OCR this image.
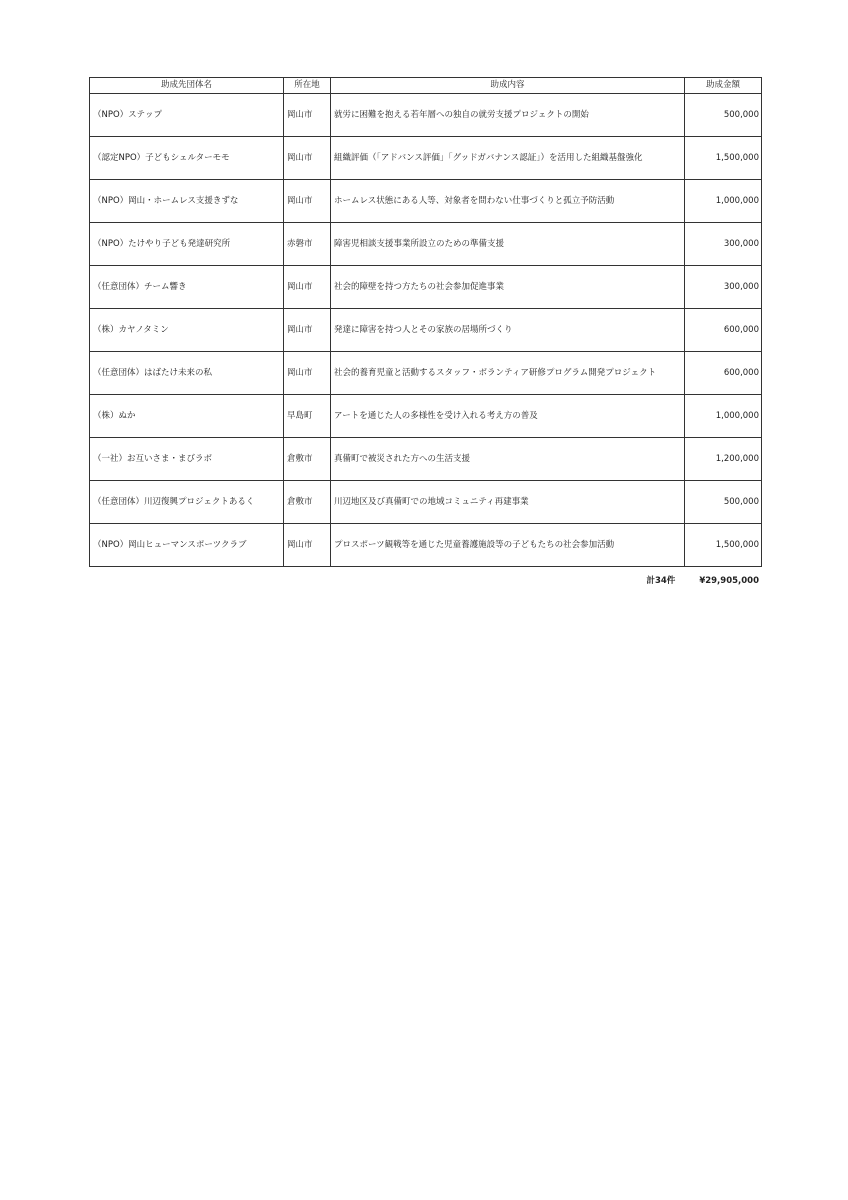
助成先団体名	所在地	助成内容	助成金額
（NPO）ステップ	岡山市	就労に困難を抱える若年層への独自の就労支援プロジェクトの開始	500,000
（認定NPO）子どもシェルターモモ	岡山市	組織評価（「アドバンス評価」「グッドガバナンス認証」）を活用した組織基盤強化	1,500,000
（NPO）岡山・ホームレス支援きずな	岡山市	ホームレス状態にある人等、対象者を問わない仕事づくりと孤立予防活動	1,000,000
（NPO）たけやり子ども発達研究所	赤磐市	障害児相談支援事業所設立のための準備支援	300,000
（任意団体）チーム響き	岡山市	社会的障壁を持つ方たちの社会参加促進事業	300,000
（株）カヤノタミン	岡山市	発達に障害を持つ人とその家族の居場所づくり	600,000
（任意団体）はばたけ未来の私	岡山市	社会的養育児童と活動するスタッフ・ボランティア研修プログラム開発プロジェクト	600,000
（株）ぬか	早島町	アートを通じた人の多様性を受け入れる考え方の普及	1,000,000
（一社）お互いさま・まびラボ	倉敷市	真備町で被災された方への生活支援	1,200,000
（任意団体）川辺復興プロジェクトあるく	倉敷市	川辺地区及び真備町での地域コミュニティ再建事業	500,000
（NPO）岡山ヒューマンスポーツクラブ	岡山市	プロスポーツ観戦等を通じた児童養護施設等の子どもたちの社会参加活動	1,500,000
計34件	¥29,905,000
